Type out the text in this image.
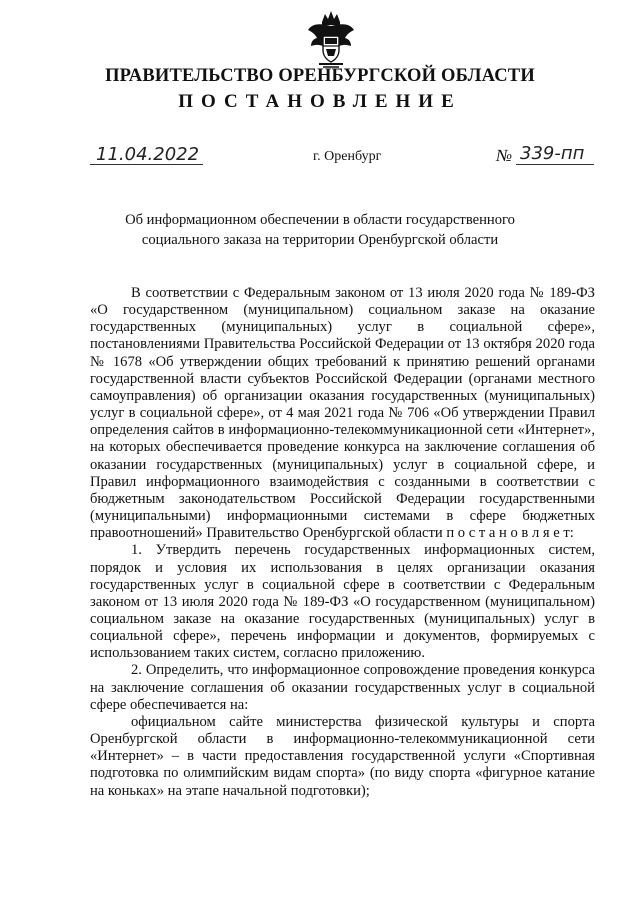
ПРАВИТЕЛЬСТВО ОРЕНБУРГСКОЙ ОБЛАСТИ
ПОСТАНОВЛЕНИЕ
11.04.2022	г. Оренбург	№ 339-пп
Об информационном обеспечении в области государственного
социального заказа на территории Оренбургской области

В соответствии с Федеральным законом от 13 июля 2020 года № 189-ФЗ «О государственном (муниципальном) социальном заказе на оказание государственных (муниципальных) услуг в социальной сфере», постановлениями Правительства Российской Федерации от 13 октября 2020 года № 1678 «Об утверждении общих требований к принятию решений органами государственной власти субъектов Российской Федерации (органами местного самоуправления) об организации оказания государственных (муниципальных) услуг в социальной сфере», от 4 мая 2021 года № 706 «Об утверждении Правил определения сайтов в информационно-телекоммуникационной сети «Интернет», на которых обеспечивается проведение конкурса на заключение соглашения об оказании государственных (муниципальных) услуг в социальной сфере, и Правил информационного взаимодействия с созданными в соответствии с бюджетным законодательством Российской Федерации государственными (муниципальными) информационными системами в сфере бюджетных правоотношений» Правительство Оренбургской области п о с т а н о в л я е т:

1. Утвердить перечень государственных информационных систем, порядок и условия их использования в целях организации оказания государственных услуг в социальной сфере в соответствии с Федеральным законом от 13 июля 2020 года № 189-ФЗ «О государственном (муниципальном) социальном заказе на оказание государственных (муниципальных) услуг в социальной сфере», перечень информации и документов, формируемых с использованием таких систем, согласно приложению.

2. Определить, что информационное сопровождение проведения конкурса на заключение соглашения об оказании государственных услуг в социальной сфере обеспечивается на:

официальном сайте министерства физической культуры и спорта Оренбургской области в информационно-телекоммуникационной сети «Интернет» – в части предоставления государственной услуги «Спортивная подготовка по олимпийским видам спорта» (по виду спорта «фигурное катание на коньках» на этапе начальной подготовки);
